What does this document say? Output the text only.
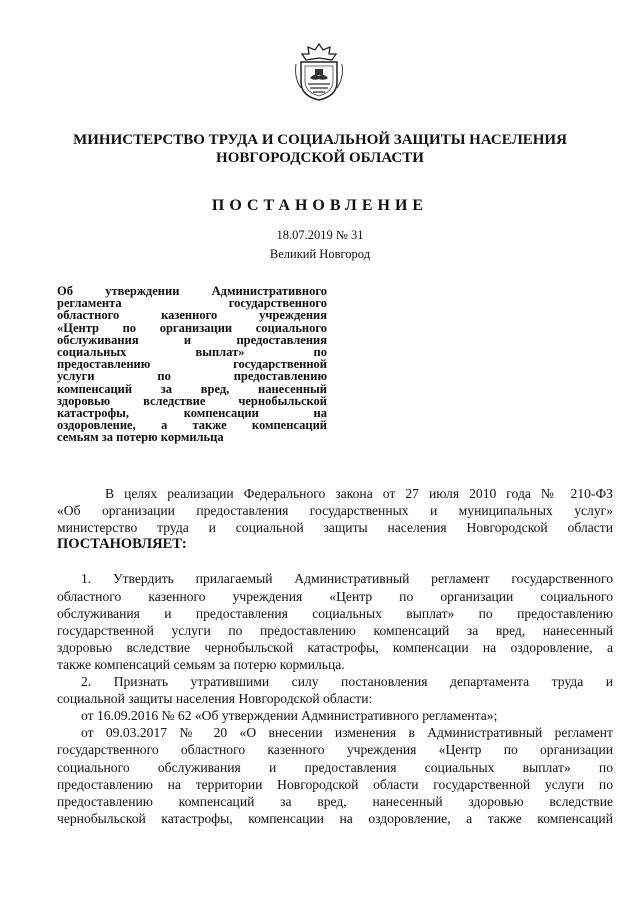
МИНИСТЕРСТВО ТРУДА И СОЦИАЛЬНОЙ ЗАЩИТЫ НАСЕЛЕНИЯ
НОВГОРОДСКОЙ ОБЛАСТИ
ПОСТАНОВЛЕНИЕ
18.07.2019 № 31
Великий Новгород
Об утверждении Административного
регламента государственного
областного казенного учреждения
«Центр по организации социального
обслуживания и предоставления
социальных выплат» по
предоставлению государственной
услуги по предоставлению
компенсаций за вред, нанесенный
здоровью вследствие чернобыльской
катастрофы, компенсации на
оздоровление, а также компенсаций
семьям за потерю кормильца
В целях реализации Федерального закона от 27 июля 2010 года № 210-ФЗ
«Об организации предоставления государственных и муниципальных услуг»
министерство труда и социальной защиты населения Новгородской области
ПОСТАНОВЛЯЕТ:

1. Утвердить прилагаемый Административный регламент государственного
областного казенного учреждения «Центр по организации социального
обслуживания и предоставления социальных выплат» по предоставлению
государственной услуги по предоставлению компенсаций за вред, нанесенный
здоровью вследствие чернобыльской катастрофы, компенсации на оздоровление, а
также компенсаций семьям за потерю кормильца.
2. Признать утратившими силу постановления департамента труда и
социальной защиты населения Новгородской области:
от 16.09.2016 № 62 «Об утверждении Административного регламента»;
от 09.03.2017 № 20 «О внесении изменения в Административный регламент
государственного областного казенного учреждения «Центр по организации
социального обслуживания и предоставления социальных выплат» по
предоставлению на территории Новгородской области государственной услуги по
предоставлению компенсаций за вред, нанесенный здоровью вследствие
чернобыльской катастрофы, компенсации на оздоровление, а также компенсаций
